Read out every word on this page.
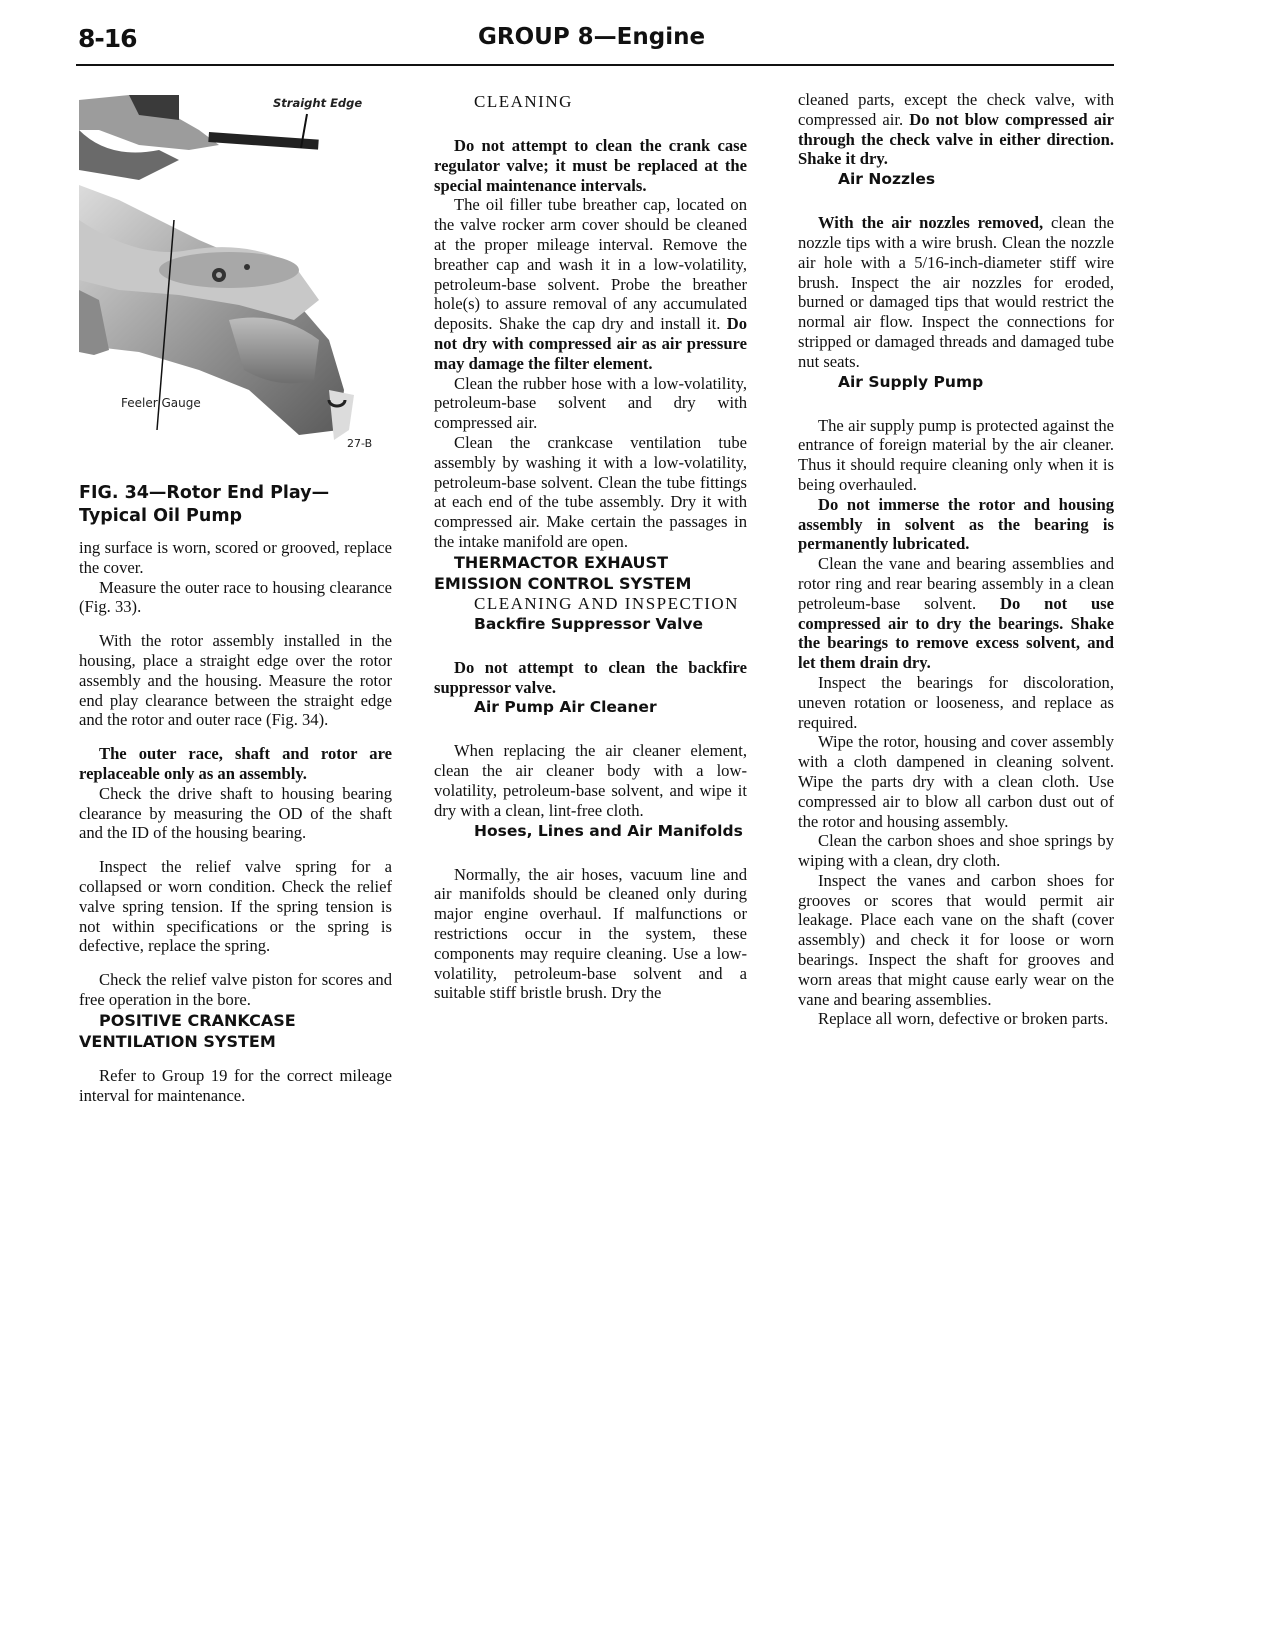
8-16	GROUP 8—Engine
Straight Edge
Feeler Gauge
27-B

FIG. 34—Rotor End Play—Typical Oil Pump

ing surface is worn, scored or grooved, replace the cover.

Measure the outer race to housing clearance (Fig. 33).

With the rotor assembly installed in the housing, place a straight edge over the rotor assembly and the housing. Measure the rotor end play clearance between the straight edge and the rotor and outer race (Fig. 34).

The outer race, shaft and rotor are replaceable only as an assembly.

Check the drive shaft to housing bearing clearance by measuring the OD of the shaft and the ID of the housing bearing.

Inspect the relief valve spring for a collapsed or worn condition. Check the relief valve spring tension. If the spring tension is not within specifications or the spring is defective, replace the spring.

Check the relief valve piston for scores and free operation in the bore.

POSITIVE CRANKCASE VENTILATION SYSTEM

Refer to Group 19 for the correct mileage interval for maintenance.

CLEANING

Do not attempt to clean the crank case regulator valve; it must be replaced at the special maintenance intervals.

The oil filler tube breather cap, located on the valve rocker arm cover should be cleaned at the proper mileage interval. Remove the breather cap and wash it in a low-volatility, petroleum-base solvent. Probe the breather hole(s) to assure removal of any accumulated deposits. Shake the cap dry and install it. Do not dry with compressed air as air pressure may damage the filter element.

Clean the rubber hose with a low-volatility, petroleum-base solvent and dry with compressed air.

Clean the crankcase ventilation tube assembly by washing it with a low-volatility, petroleum-base solvent. Clean the tube fittings at each end of the tube assembly. Dry it with compressed air. Make certain the passages in the intake manifold are open.

THERMACTOR EXHAUST EMISSION CONTROL SYSTEM

CLEANING AND INSPECTION

Backfire Suppressor Valve

Do not attempt to clean the backfire suppressor valve.

Air Pump Air Cleaner

When replacing the air cleaner element, clean the air cleaner body with a low-volatility, petroleum-base solvent, and wipe it dry with a clean, lint-free cloth.

Hoses, Lines and Air Manifolds

Normally, the air hoses, vacuum line and air manifolds should be cleaned only during major engine overhaul. If malfunctions or restrictions occur in the system, these components may require cleaning. Use a low-volatility, petroleum-base solvent and a suitable stiff bristle brush. Dry the

cleaned parts, except the check valve, with compressed air. Do not blow compressed air through the check valve in either direction. Shake it dry.

Air Nozzles

With the air nozzles removed, clean the nozzle tips with a wire brush. Clean the nozzle air hole with a 5/16-inch-diameter stiff wire brush. Inspect the air nozzles for eroded, burned or damaged tips that would restrict the normal air flow. Inspect the connections for stripped or damaged threads and damaged tube nut seats.

Air Supply Pump

The air supply pump is protected against the entrance of foreign material by the air cleaner. Thus it should require cleaning only when it is being overhauled.

Do not immerse the rotor and housing assembly in solvent as the bearing is permanently lubricated.

Clean the vane and bearing assemblies and rotor ring and rear bearing assembly in a clean petroleum-base solvent. Do not use compressed air to dry the bearings. Shake the bearings to remove excess solvent, and let them drain dry.

Inspect the bearings for discoloration, uneven rotation or looseness, and replace as required.

Wipe the rotor, housing and cover assembly with a cloth dampened in cleaning solvent. Wipe the parts dry with a clean cloth. Use compressed air to blow all carbon dust out of the rotor and housing assembly.

Clean the carbon shoes and shoe springs by wiping with a clean, dry cloth.

Inspect the vanes and carbon shoes for grooves or scores that would permit air leakage. Place each vane on the shaft (cover assembly) and check it for loose or worn bearings. Inspect the shaft for grooves and worn areas that might cause early wear on the vane and bearing assemblies.

Replace all worn, defective or broken parts.
